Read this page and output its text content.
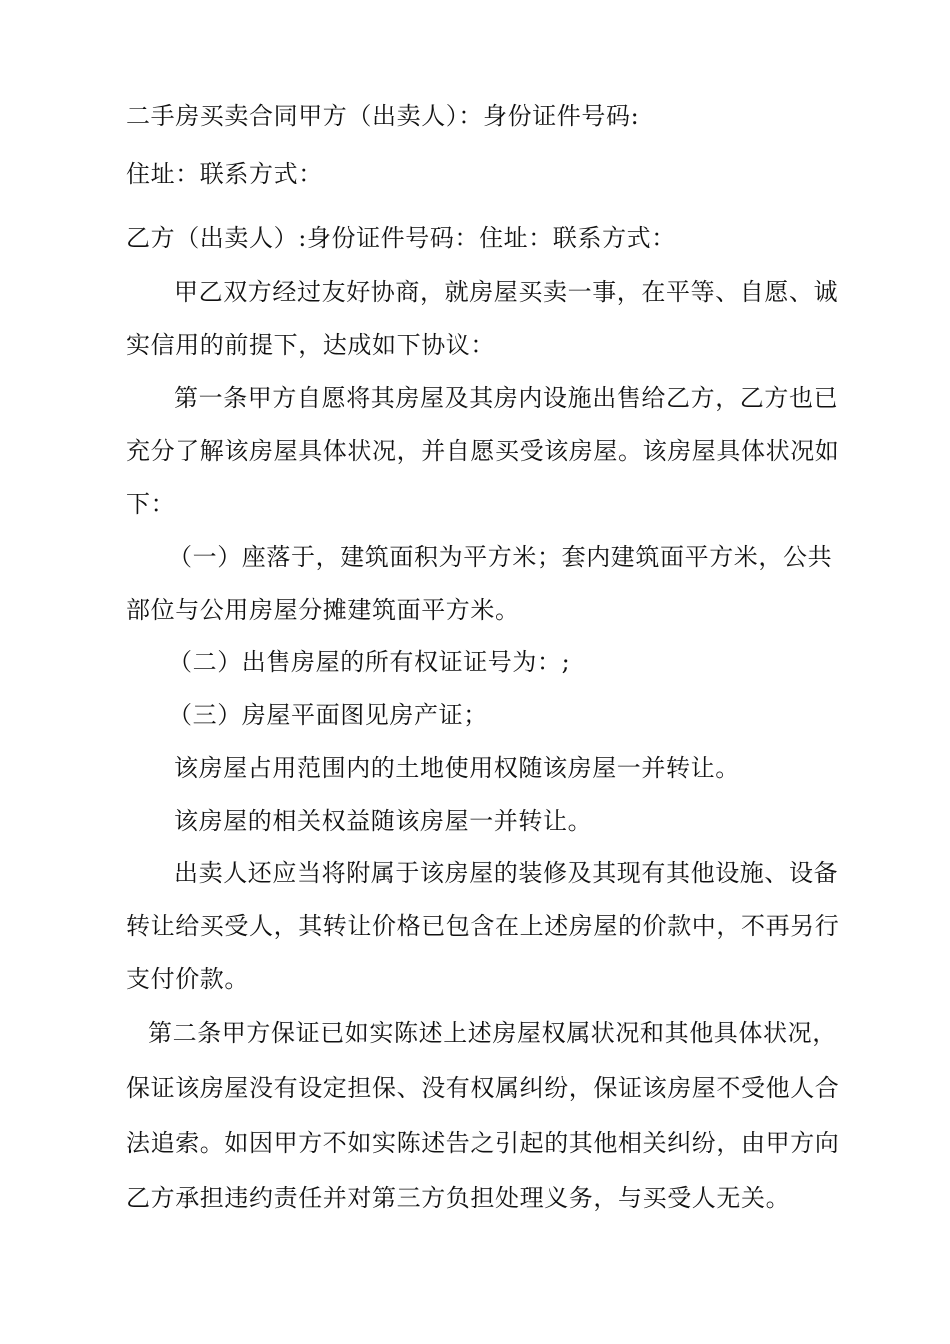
二手房买卖合同甲方（出卖人）：身份证件号码:
住址：联系方式：
乙方（出卖人）:身份证件号码：住址：联系方式：
甲乙双方经过友好协商，就房屋买卖一事，在平等、自愿、诚
实信用的前提下，达成如下协议：
第一条甲方自愿将其房屋及其房内设施出售给乙方，乙方也已
充分了解该房屋具体状况，并自愿买受该房屋。该房屋具体状况如
下：
（一）座落于，建筑面积为平方米；套内建筑面平方米，公共
部位与公用房屋分摊建筑面平方米。
（二）出售房屋的所有权证证号为：;
（三）房屋平面图见房产证；
该房屋占用范围内的土地使用权随该房屋一并转让。
该房屋的相关权益随该房屋一并转让。
出卖人还应当将附属于该房屋的装修及其现有其他设施、设备
转让给买受人，其转让价格已包含在上述房屋的价款中，不再另行
支付价款。
第二条甲方保证已如实陈述上述房屋权属状况和其他具体状况，
保证该房屋没有设定担保、没有权属纠纷，保证该房屋不受他人合
法追索。如因甲方不如实陈述告之引起的其他相关纠纷，由甲方向
乙方承担违约责任并对第三方负担处理义务，与买受人无关。
